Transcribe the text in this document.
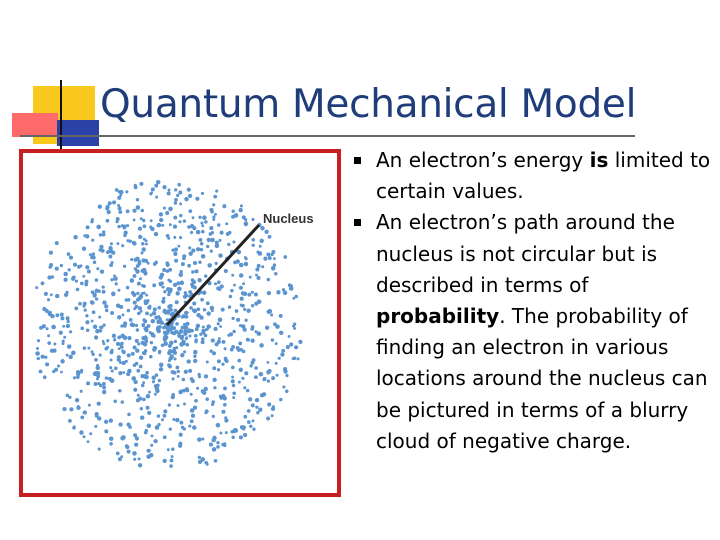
Quantum Mechanical Model
Nucleus
An electron’s energy is limited to certain values.
An electron’s path around the nucleus is not circular but is described in terms of probability. The probability of finding an electron in various locations around the nucleus can be pictured in terms of a blurry cloud of negative charge.
